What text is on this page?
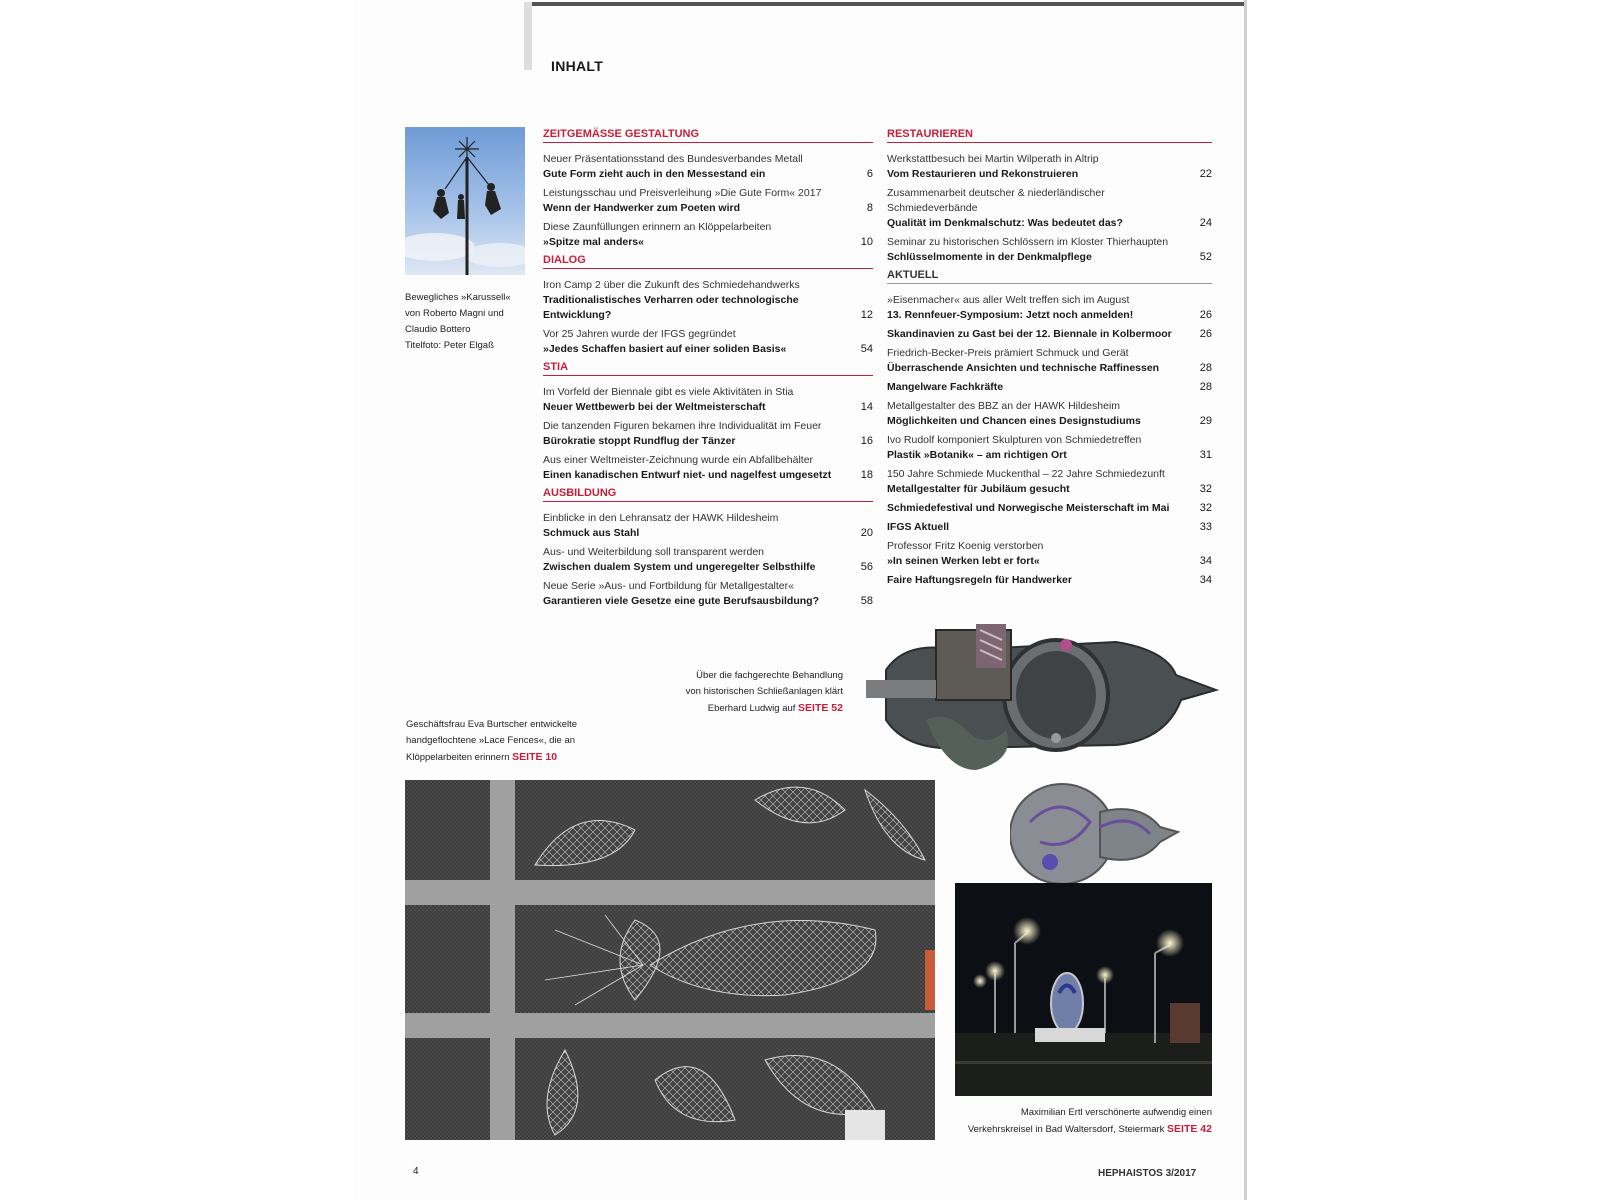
INHALT
Bewegliches »Karussell«
von Roberto Magni und
Claudio Bottero
Titelfoto: Peter Elgaß
ZEITGEMÄSSE GESTALTUNG
Neuer Präsentationsstand des Bundesverbandes Metall
Gute Form zieht auch in den Messestand ein	6
Leistungsschau und Preisverleihung »Die Gute Form« 2017
Wenn der Handwerker zum Poeten wird	8
Diese Zaunfüllungen erinnern an Klöppelarbeiten
»Spitze mal anders«	10
DIALOG
Iron Camp 2 über die Zukunft des Schmiedehandwerks
Traditionalistisches Verharren oder technologische Entwicklung?	12
Vor 25 Jahren wurde der IFGS gegründet
»Jedes Schaffen basiert auf einer soliden Basis«	54
STIA
Im Vorfeld der Biennale gibt es viele Aktivitäten in Stia
Neuer Wettbewerb bei der Weltmeisterschaft	14
Die tanzenden Figuren bekamen ihre Individualität im Feuer
Bürokratie stoppt Rundflug der Tänzer	16
Aus einer Weltmeister-Zeichnung wurde ein Abfallbehälter
Einen kanadischen Entwurf niet- und nagelfest umgesetzt	18
AUSBILDUNG
Einblicke in den Lehransatz der HAWK Hildesheim
Schmuck aus Stahl	20
Aus- und Weiterbildung soll transparent werden
Zwischen dualem System und ungeregelter Selbsthilfe	56
Neue Serie »Aus- und Fortbildung für Metallgestalter«
Garantieren viele Gesetze eine gute Berufsausbildung?	58
RESTAURIEREN
Werkstattbesuch bei Martin Wilperath in Altrip
Vom Restaurieren und Rekonstruieren	22
Zusammenarbeit deutscher & niederländischer Schmiedeverbände
Qualität im Denkmalschutz: Was bedeutet das?	24
Seminar zu historischen Schlössern im Kloster Thierhaupten
Schlüsselmomente in der Denkmalpflege	52
AKTUELL
»Eisenmacher« aus aller Welt treffen sich im August
13. Rennfeuer-Symposium: Jetzt noch anmelden!	26
Skandinavien zu Gast bei der 12. Biennale in Kolbermoor	26
Friedrich-Becker-Preis prämiert Schmuck und Gerät
Überraschende Ansichten und technische Raffinessen	28
Mangelware Fachkräfte	28
Metallgestalter des BBZ an der HAWK Hildesheim
Möglichkeiten und Chancen eines Designstudiums	29
Ivo Rudolf komponiert Skulpturen von Schmiedetreffen
Plastik »Botanik« – am richtigen Ort	31
150 Jahre Schmiede Muckenthal – 22 Jahre Schmiedezunft
Metallgestalter für Jubiläum gesucht	32
Schmiedefestival und Norwegische Meisterschaft im Mai	32
IFGS Aktuell	33
Professor Fritz Koenig verstorben
»In seinen Werken lebt er fort«	34
Faire Haftungsregeln für Handwerker	34
Über die fachgerechte Behandlung
von historischen Schließanlagen klärt
Eberhard Ludwig auf SEITE 52
Geschäftsfrau Eva Burtscher entwickelte
handgeflochtene »Lace Fences«, die an
Klöppelarbeiten erinnern SEITE 10
Maximilian Ertl verschönerte aufwendig einen
Verkehrskreisel in Bad Waltersdorf, Steiermark SEITE 42
4	HEPHAISTOS 3/2017
